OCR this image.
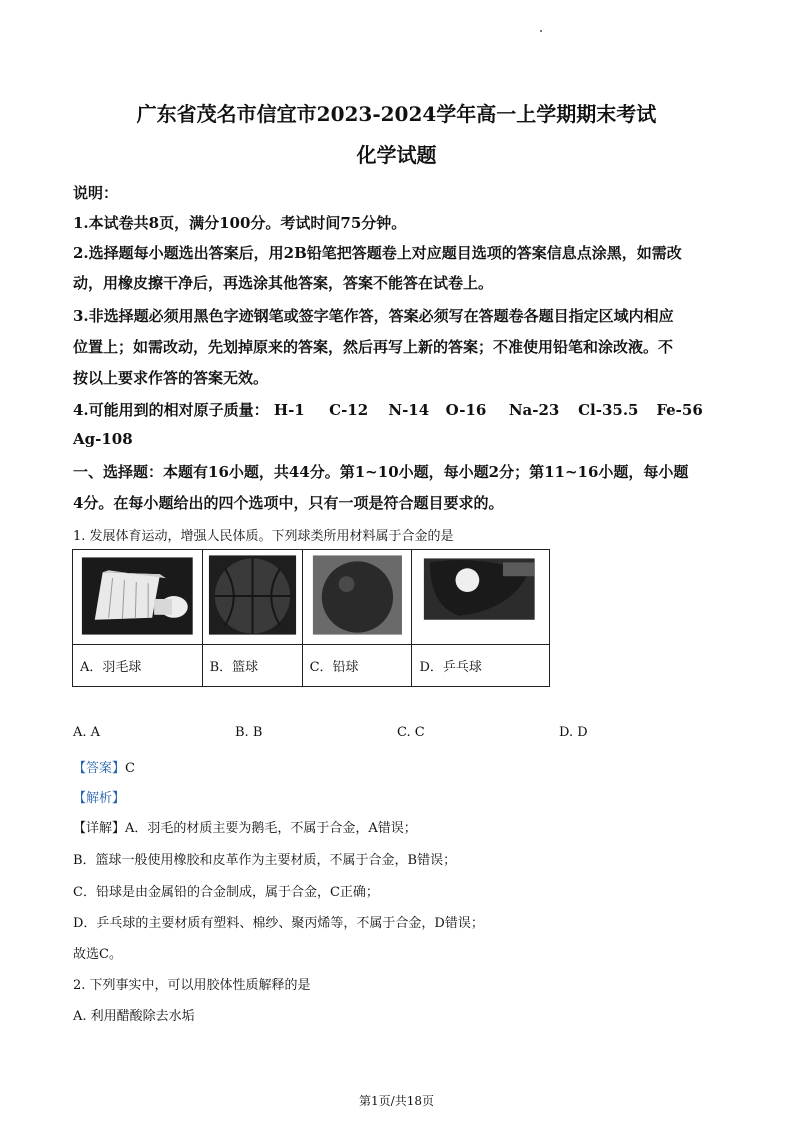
广东省茂名市信宜市2023-2024学年高一上学期期末考试
化学试题
说明：
1.本试卷共8页，满分100分。考试时间75分钟。
2.选择题每小题选出答案后，用2B铅笔把答题卷上对应题目选项的答案信息点涂黑，如需改
动，用橡皮擦干净后，再选涂其他答案，答案不能答在试卷上。
3.非选择题必须用黑色字迹钢笔或签字笔作答，答案必须写在答题卷各题目指定区域内相应
位置上；如需改动，先划掉原来的答案，然后再写上新的答案；不准使用铅笔和涂改液。不
按以上要求作答的答案无效。
4.可能用到的相对原子质量： H-1 C-12 N-14 O-16 Na-23 Cl-35.5 Fe-56
Ag-108
一、选择题：本题有16小题，共44分。第1~10小题，每小题2分；第11~16小题，每小题
4分。在每小题给出的四个选项中，只有一项是符合题目要求的。
1. 发展体育运动，增强人民体质。下列球类所用材料属于合金的是

A．羽毛球	B．篮球	C．铅球	D．乒乓球
A. A	B. B	C. C	D. D
【答案】C
【解析】
【详解】A．羽毛的材质主要为鹅毛，不属于合金，A错误；
B．篮球一般使用橡胶和皮革作为主要材质，不属于合金，B错误；
C．铅球是由金属铅的合金制成，属于合金，C正确；
D．乒乓球的主要材质有塑料、棉纱、聚丙烯等，不属于合金，D错误；
故选C。
2. 下列事实中，可以用胶体性质解释的是
A. 利用醋酸除去水垢
第1页/共18页
